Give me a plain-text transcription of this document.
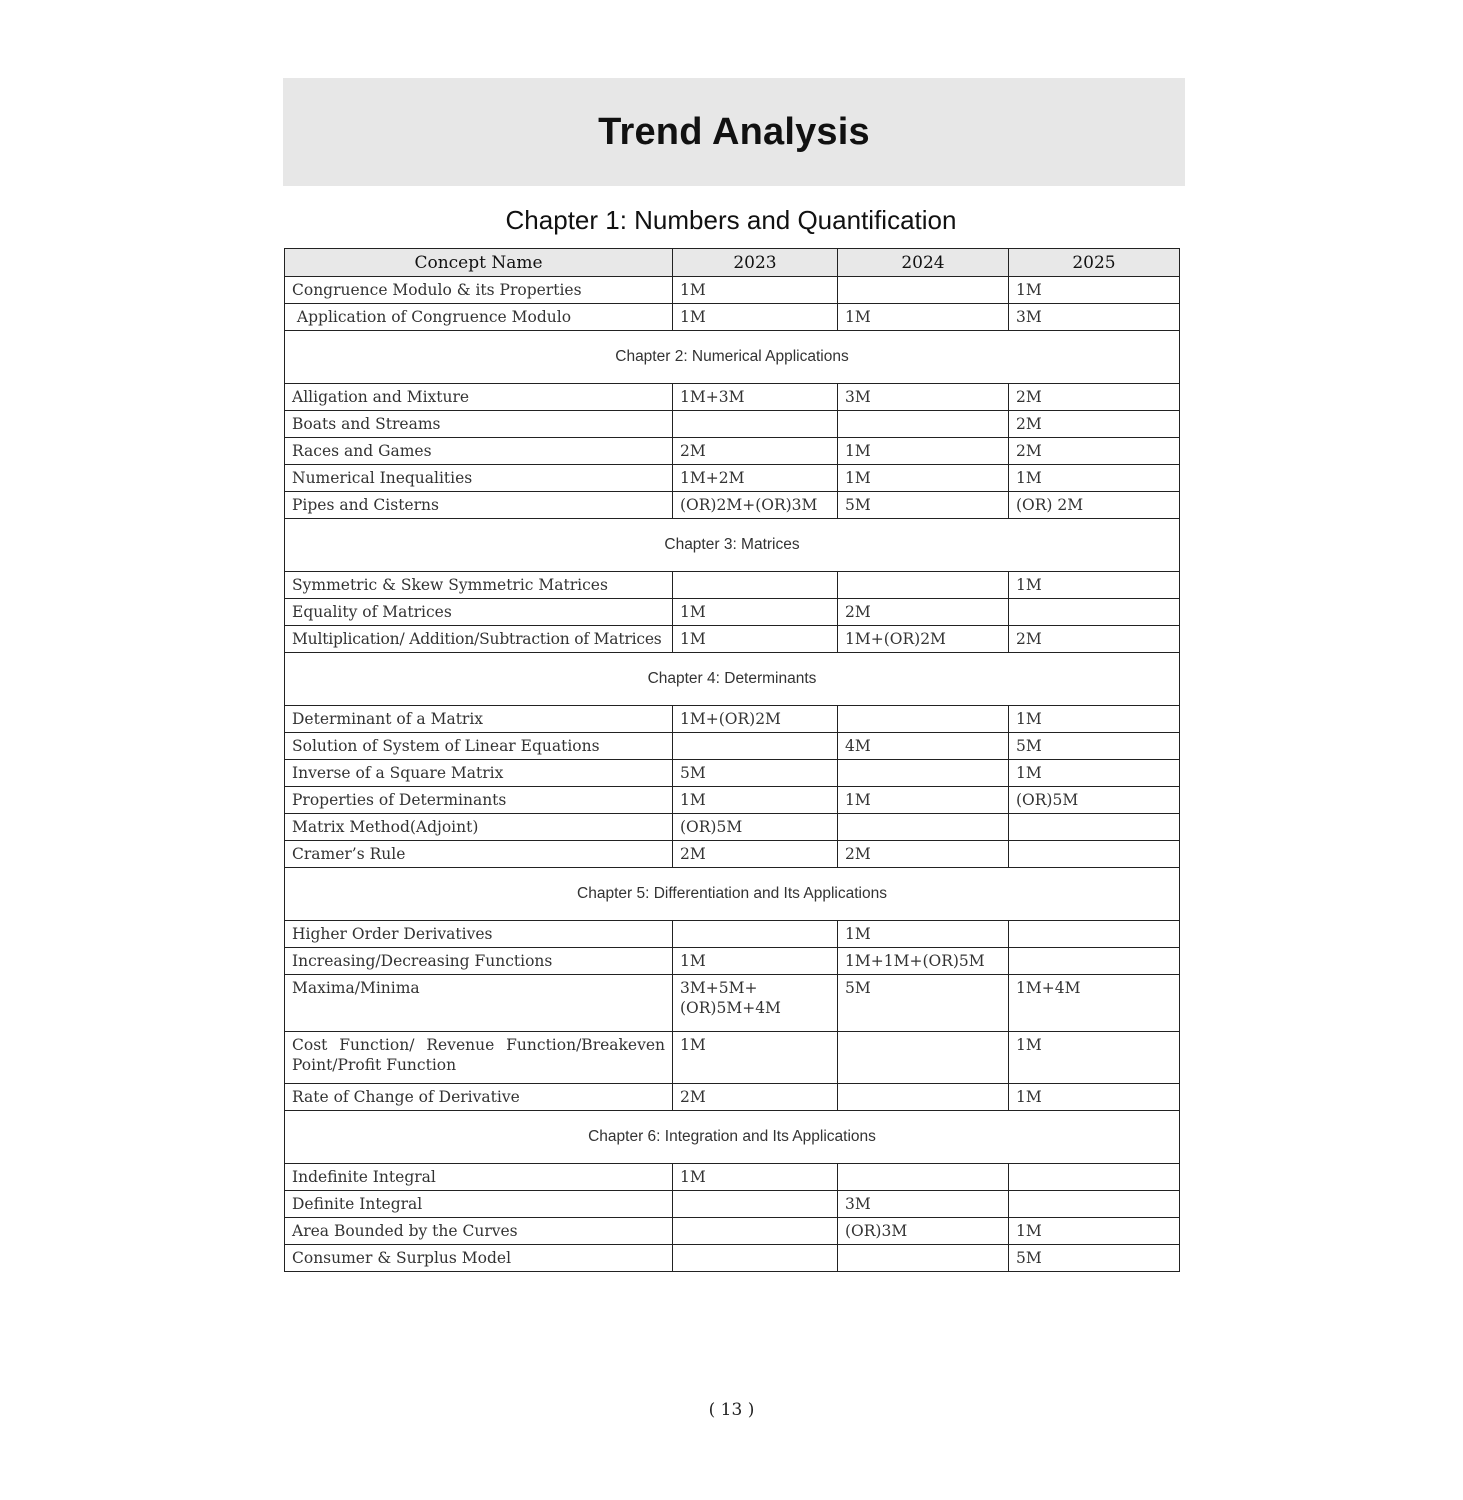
Trend Analysis
Chapter 1: Numbers and Quantification
Concept Name	2023	2024	2025
Congruence Modulo & its Properties	1M		1M
Application of Congruence Modulo	1M	1M	3M
Chapter 2: Numerical Applications			
Alligation and Mixture	1M+3M	3M	2M
Boats and Streams			2M
Races and Games	2M	1M	2M
Numerical Inequalities	1M+2M	1M	1M
Pipes and Cisterns	(OR)2M+(OR)3M	5M	(OR) 2M
Chapter 3: Matrices			
Symmetric & Skew Symmetric Matrices			1M
Equality of Matrices	1M	2M	
Multiplication/ Addition/Subtraction of Matrices	1M	1M+(OR)2M	2M
Chapter 4: Determinants			
Determinant of a Matrix	1M+(OR)2M		1M
Solution of System of Linear Equations		4M	5M
Inverse of a Square Matrix	5M		1M
Properties of Determinants	1M	1M	(OR)5M
Matrix Method(Adjoint)	(OR)5M		
Cramer’s Rule	2M	2M	
Chapter 5: Differentiation and Its Applications			
Higher Order Derivatives		1M	
Increasing/Decreasing Functions	1M	1M+1M+(OR)5M	
Maxima/Minima	3M+5M+ (OR)5M+4M	5M	1M+4M
Cost Function/ Revenue Function/Breakeven Point/Profit Function	1M		1M
Rate of Change of Derivative	2M		1M
Chapter 6: Integration and Its Applications			
Indefinite Integral	1M		
Definite Integral		3M	
Area Bounded by the Curves		(OR)3M	1M
Consumer & Surplus Model			5M
( 13 )
